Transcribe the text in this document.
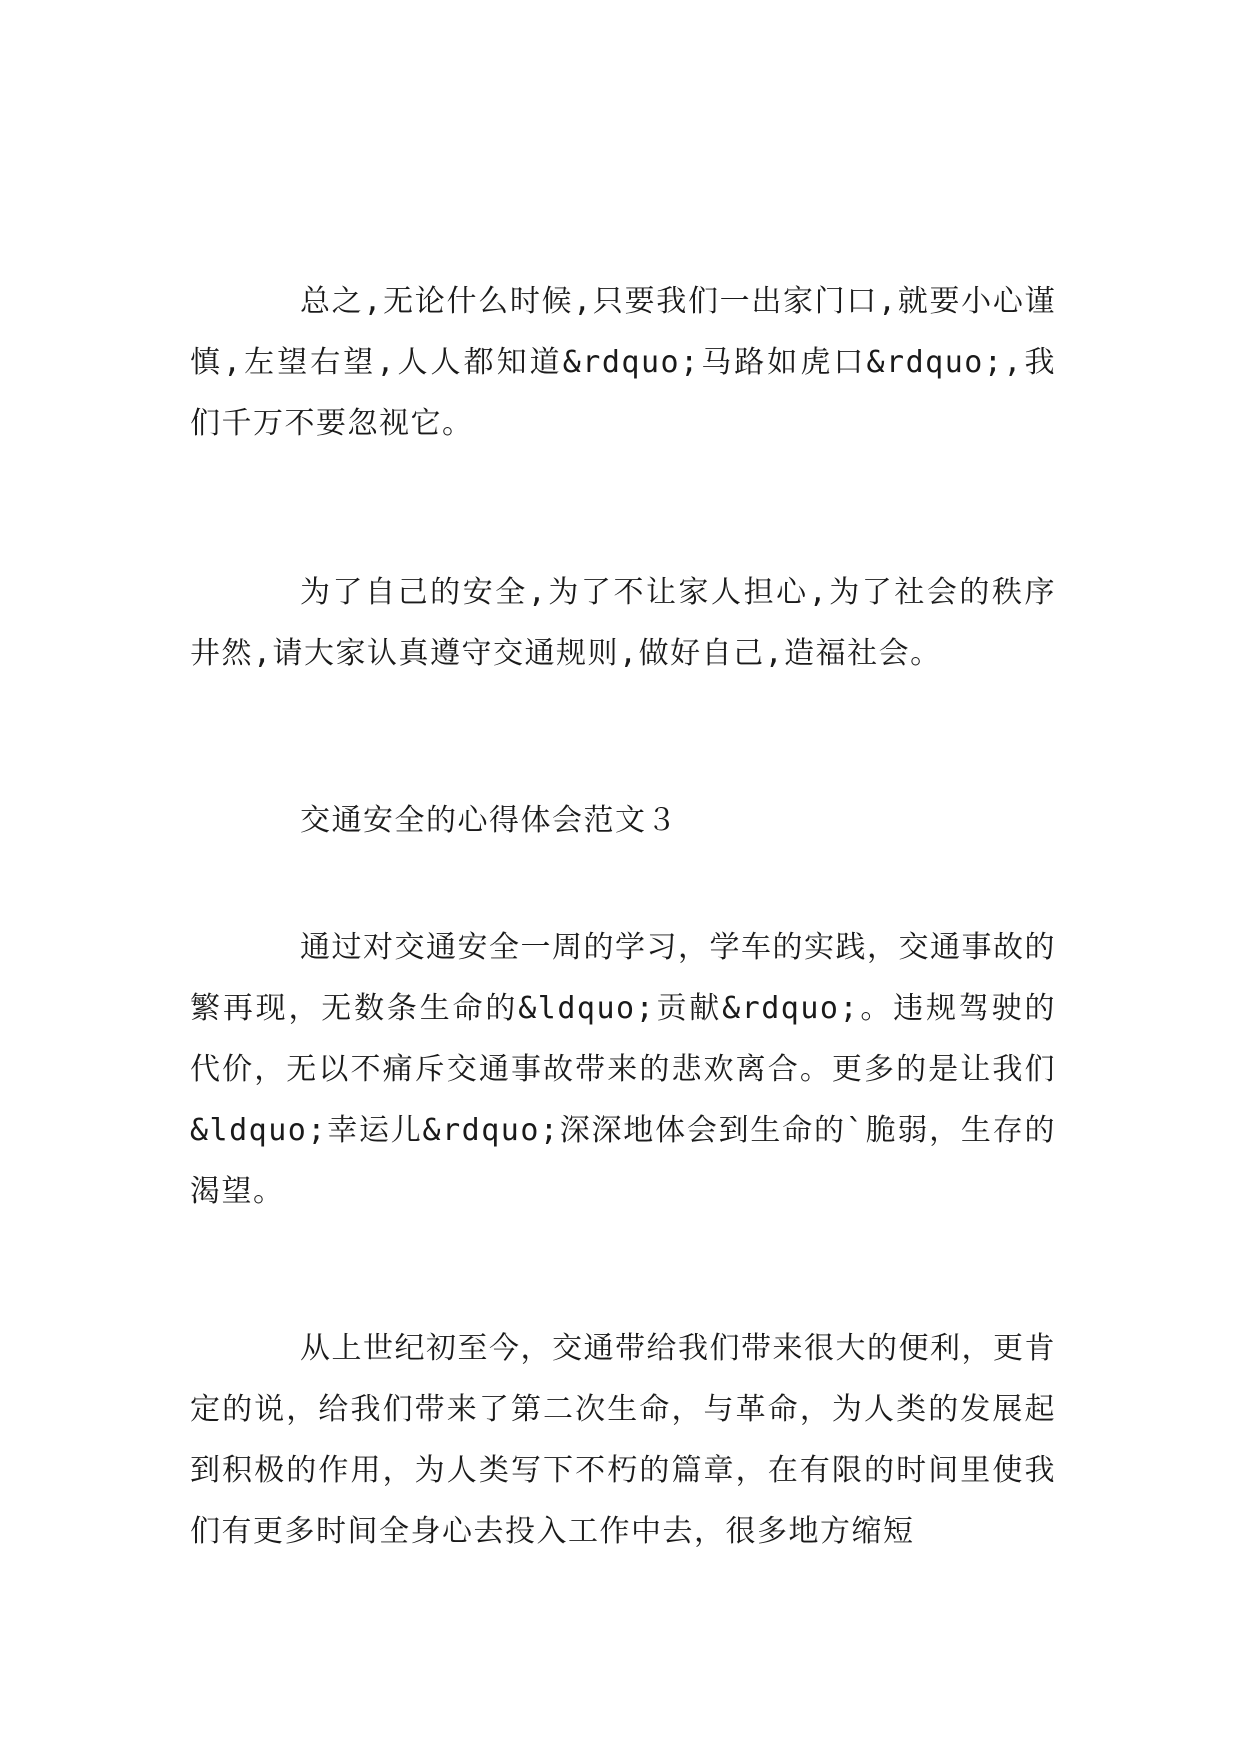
总之,无论什么时候,只要我们一出家门口,就要小心谨慎,左望右望,人人都知道&rdquo;马路如虎口&rdquo;,我们千万不要忽视它。

为了自己的安全,为了不让家人担心,为了社会的秩序井然,请大家认真遵守交通规则,做好自己,造福社会。

交通安全的心得体会范文３

通过对交通安全一周的学习，学车的实践，交通事故的 繁再现，无数条生命的&ldquo;贡献&rdquo;。违规驾驶的代价，无以不痛斥交通事故带来的悲欢离合。更多的是让我们&ldquo;幸运儿&rdquo;深深地体会到生命的`脆弱，生存的渴望。

从上世纪初至今，交通带给我们带来很大的便利，更肯定的说，给我们带来了第二次生命，与革命，为人类的发展起到积极的作用，为人类写下不朽的篇章，在有限的时间里使我们有更多时间全身心去投入工作中去，很多地方缩短
